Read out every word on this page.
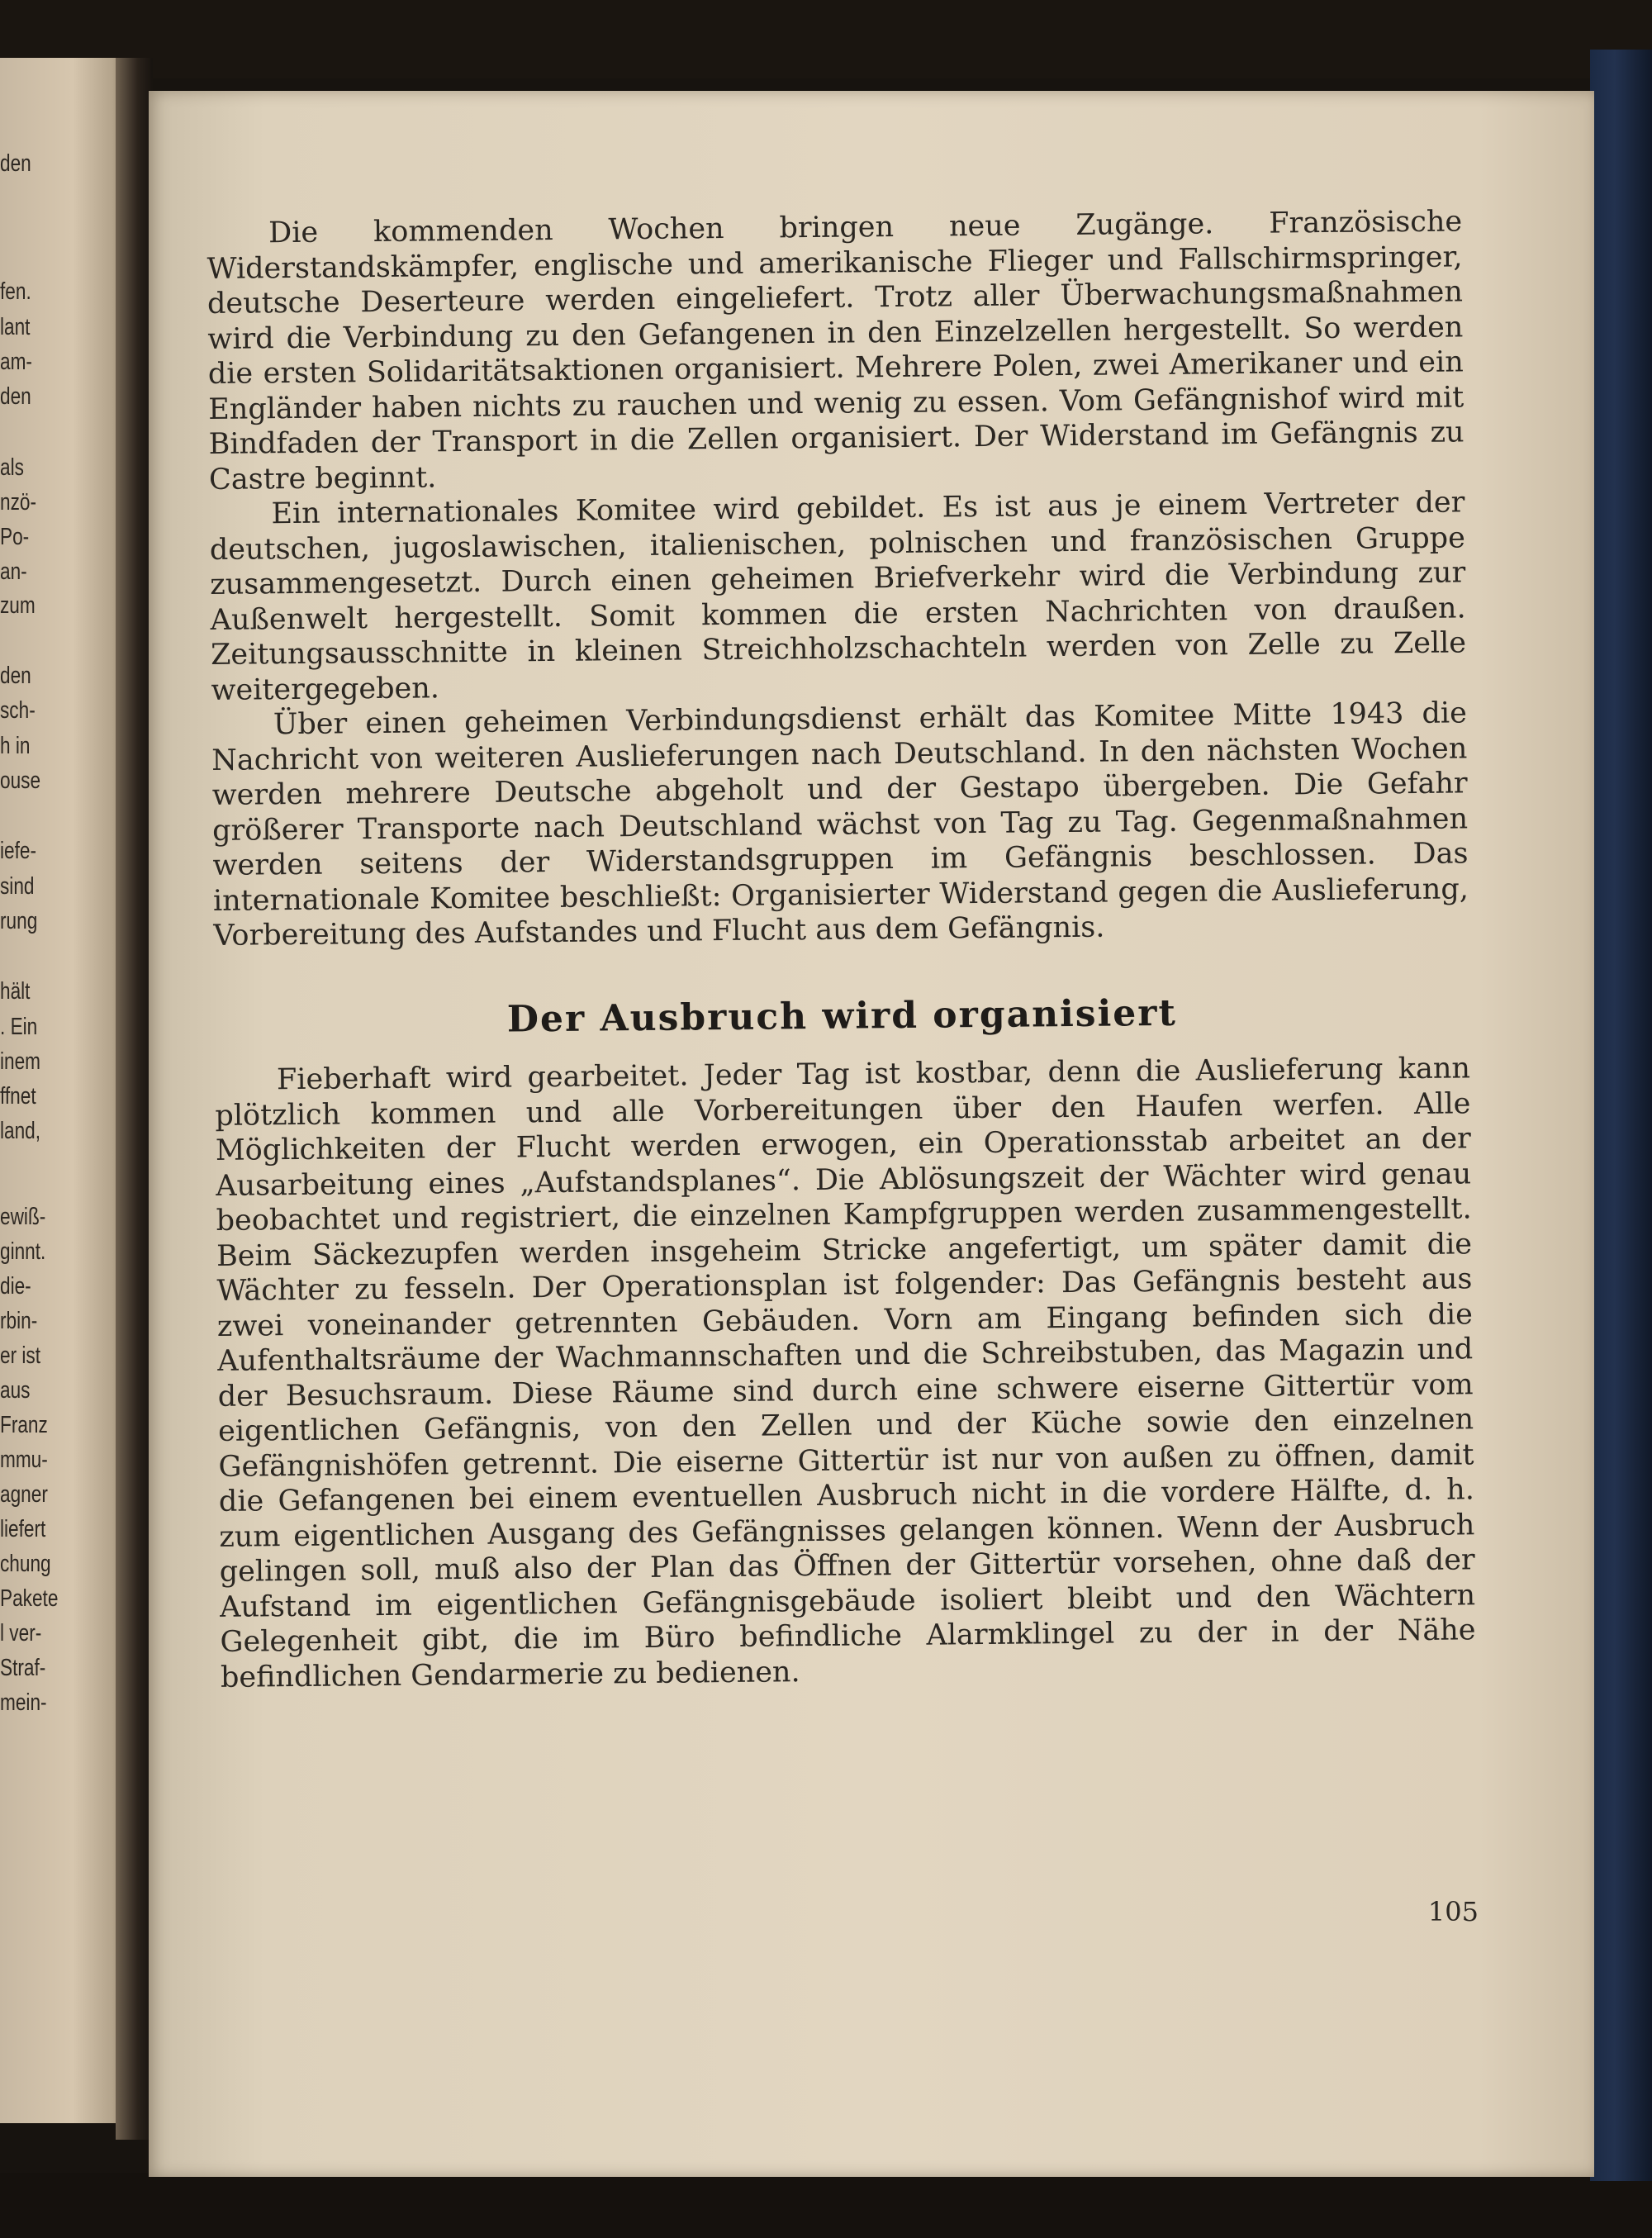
den
fen.
lant
am-
den
als
nzö-
Po-
an-
zum
den
sch-
h in
ouse
iefe-
sind
rung
hält
. Ein
inem
ffnet
land,
ewiß-
ginnt.
die-
rbin-
er ist
aus
Franz
mmu-
agner
liefert
chung
Pakete
l ver-
Straf-
mein-

Die kommenden Wochen bringen neue Zugänge. Französische Widerstandskämpfer, englische und amerikanische Flieger und Fallschirmspringer, deutsche Deserteure werden eingeliefert. Trotz aller Überwachungsmaßnahmen wird die Verbindung zu den Gefangenen in den Einzelzellen hergestellt. So werden die ersten Solidaritätsaktionen organisiert. Mehrere Polen, zwei Amerikaner und ein Engländer haben nichts zu rauchen und wenig zu essen. Vom Gefängnishof wird mit Bindfaden der Transport in die Zellen organisiert. Der Widerstand im Gefängnis zu Castre beginnt.

Ein internationales Komitee wird gebildet. Es ist aus je einem Vertreter der deutschen, jugoslawischen, italienischen, polnischen und französischen Gruppe zusammengesetzt. Durch einen geheimen Briefverkehr wird die Verbindung zur Außenwelt hergestellt. Somit kommen die ersten Nachrichten von draußen. Zeitungsausschnitte in kleinen Streichholzschachteln werden von Zelle zu Zelle weitergegeben.

Über einen geheimen Verbindungsdienst erhält das Komitee Mitte 1943 die Nachricht von weiteren Auslieferungen nach Deutschland. In den nächsten Wochen werden mehrere Deutsche abgeholt und der Gestapo übergeben. Die Gefahr größerer Transporte nach Deutschland wächst von Tag zu Tag. Gegenmaßnahmen werden seitens der Widerstandsgruppen im Gefängnis beschlossen. Das internationale Komitee beschließt: Organisierter Widerstand gegen die Auslieferung, Vorbereitung des Aufstandes und Flucht aus dem Gefängnis.

Der Ausbruch wird organisiert

Fieberhaft wird gearbeitet. Jeder Tag ist kostbar, denn die Auslieferung kann plötzlich kommen und alle Vorbereitungen über den Haufen werfen. Alle Möglichkeiten der Flucht werden erwogen, ein Operationsstab arbeitet an der Ausarbeitung eines „Aufstandsplanes“. Die Ablösungszeit der Wächter wird genau beobachtet und registriert, die einzelnen Kampfgruppen werden zusammengestellt. Beim Säckezupfen werden insgeheim Stricke angefertigt, um später damit die Wächter zu fesseln. Der Operationsplan ist folgender: Das Gefängnis besteht aus zwei voneinander getrennten Gebäuden. Vorn am Eingang befinden sich die Aufenthaltsräume der Wachmannschaften und die Schreibstuben, das Magazin und der Besuchsraum. Diese Räume sind durch eine schwere eiserne Gittertür vom eigentlichen Gefängnis, von den Zellen und der Küche sowie den einzelnen Gefängnishöfen getrennt. Die eiserne Gittertür ist nur von außen zu öffnen, damit die Gefangenen bei einem eventuellen Ausbruch nicht in die vordere Hälfte, d. h. zum eigentlichen Ausgang des Gefängnisses gelangen können. Wenn der Ausbruch gelingen soll, muß also der Plan das Öffnen der Gittertür vorsehen, ohne daß der Aufstand im eigentlichen Gefängnisgebäude isoliert bleibt und den Wächtern Gelegenheit gibt, die im Büro befindliche Alarmklingel zu der in der Nähe befindlichen Gendarmerie zu bedienen.

105
